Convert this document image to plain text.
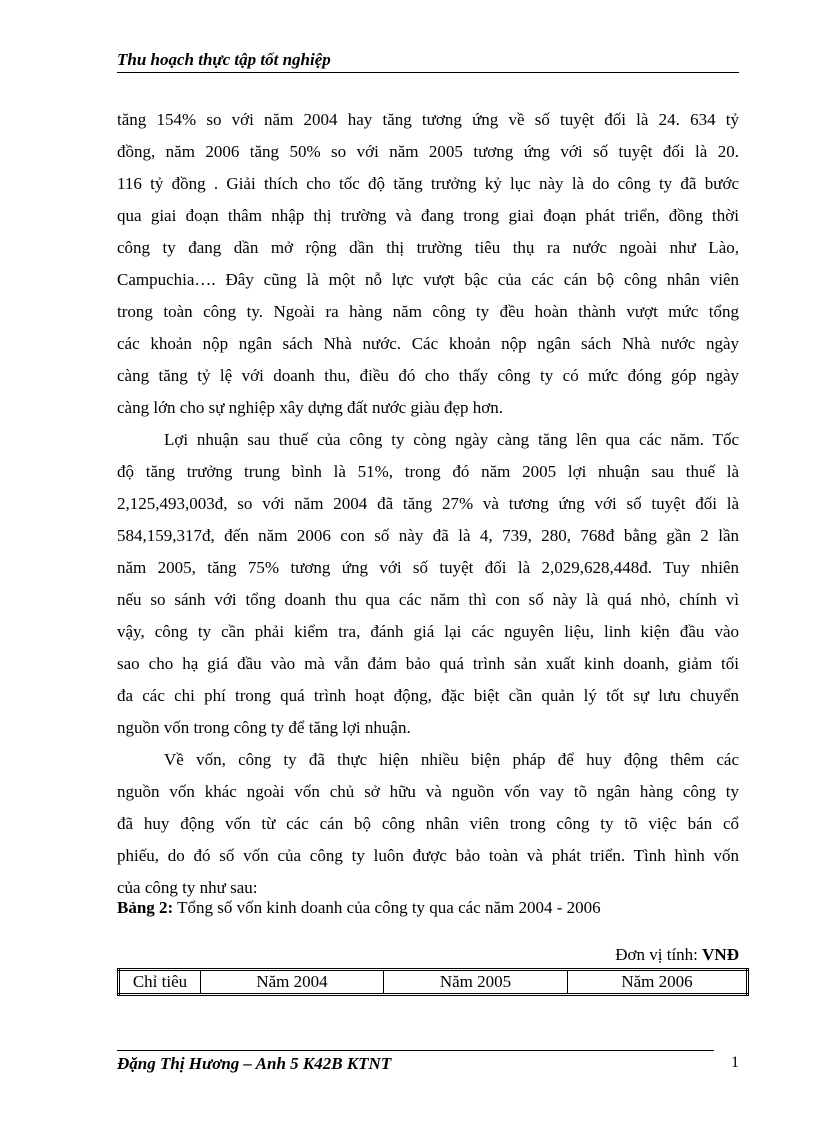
Thu hoạch thực tập tốt nghiệp
tăng 154% so với năm 2004 hay tăng tương ứng về số tuyệt đối là 24. 634 tỷ
đồng, năm 2006 tăng 50% so với năm 2005 tương ứng với số tuyệt đối là 20.
116 tỷ đồng . Giải thích cho tốc độ tăng trưởng kỷ lục này là do công ty đã bước
qua giai đoạn thâm nhập thị trường và đang trong giai đoạn phát triển, đồng thời
công ty đang dần mở rộng dần thị trường tiêu thụ ra nước ngoài như Lào,
Campuchia…. Đây cũng là một nỗ lực vượt bậc của các cán bộ công nhân viên
trong toàn công ty. Ngoài ra hàng năm công ty đều hoàn thành vượt mức tổng
các khoản nộp ngân sách Nhà nước. Các khoản nộp ngân sách Nhà nước ngày
càng tăng tỷ lệ với doanh thu, điều đó cho thấy công ty có mức đóng góp ngày
càng lớn cho sự nghiệp xây dựng đất nước giàu đẹp hơn.
Lợi nhuận sau thuế của công ty còng ngày càng tăng lên qua các năm. Tốc
độ tăng trưởng trung bình là 51%, trong đó năm 2005 lợi nhuận sau thuế là
2,125,493,003đ, so với năm 2004 đã tăng 27% và tương ứng với số tuyệt đối là
584,159,317đ, đến năm 2006 con số này đã là 4, 739, 280, 768đ bằng gần 2 lần
năm 2005, tăng 75% tương ứng với số tuyệt đối là 2,029,628,448đ. Tuy nhiên
nếu so sánh với tổng doanh thu qua các năm thì con số này là quá nhỏ, chính vì
vậy, công ty cần phải kiểm tra, đánh giá lại các nguyên liệu, linh kiện đầu vào
sao cho hạ giá đầu vào mà vẫn đảm bảo quá trình sản xuất kinh doanh, giảm tối
đa các chi phí trong quá trình hoạt động, đặc biệt cần quản lý tốt sự lưu chuyển
nguồn vốn trong công ty để tăng lợi nhuận.
Về vốn, công ty đã thực hiện nhiều biện pháp để huy động thêm các
nguồn vốn khác ngoài vốn chủ sở hữu và nguồn vốn vay tõ ngân hàng công ty
đã huy động vốn từ các cán bộ công nhân viên trong công ty tõ việc bán cổ
phiếu, do đó số vốn của công ty luôn được bảo toàn và phát triển. Tình hình vốn
của công ty như sau:
Bảng 2: Tổng số vốn kinh doanh của công ty qua các năm 2004 - 2006
Đơn vị tính: VNĐ
Chỉ tiêu	Năm 2004	Năm 2005	Năm 2006
Đặng Thị Hương – Anh 5 K42B KTNT	1
